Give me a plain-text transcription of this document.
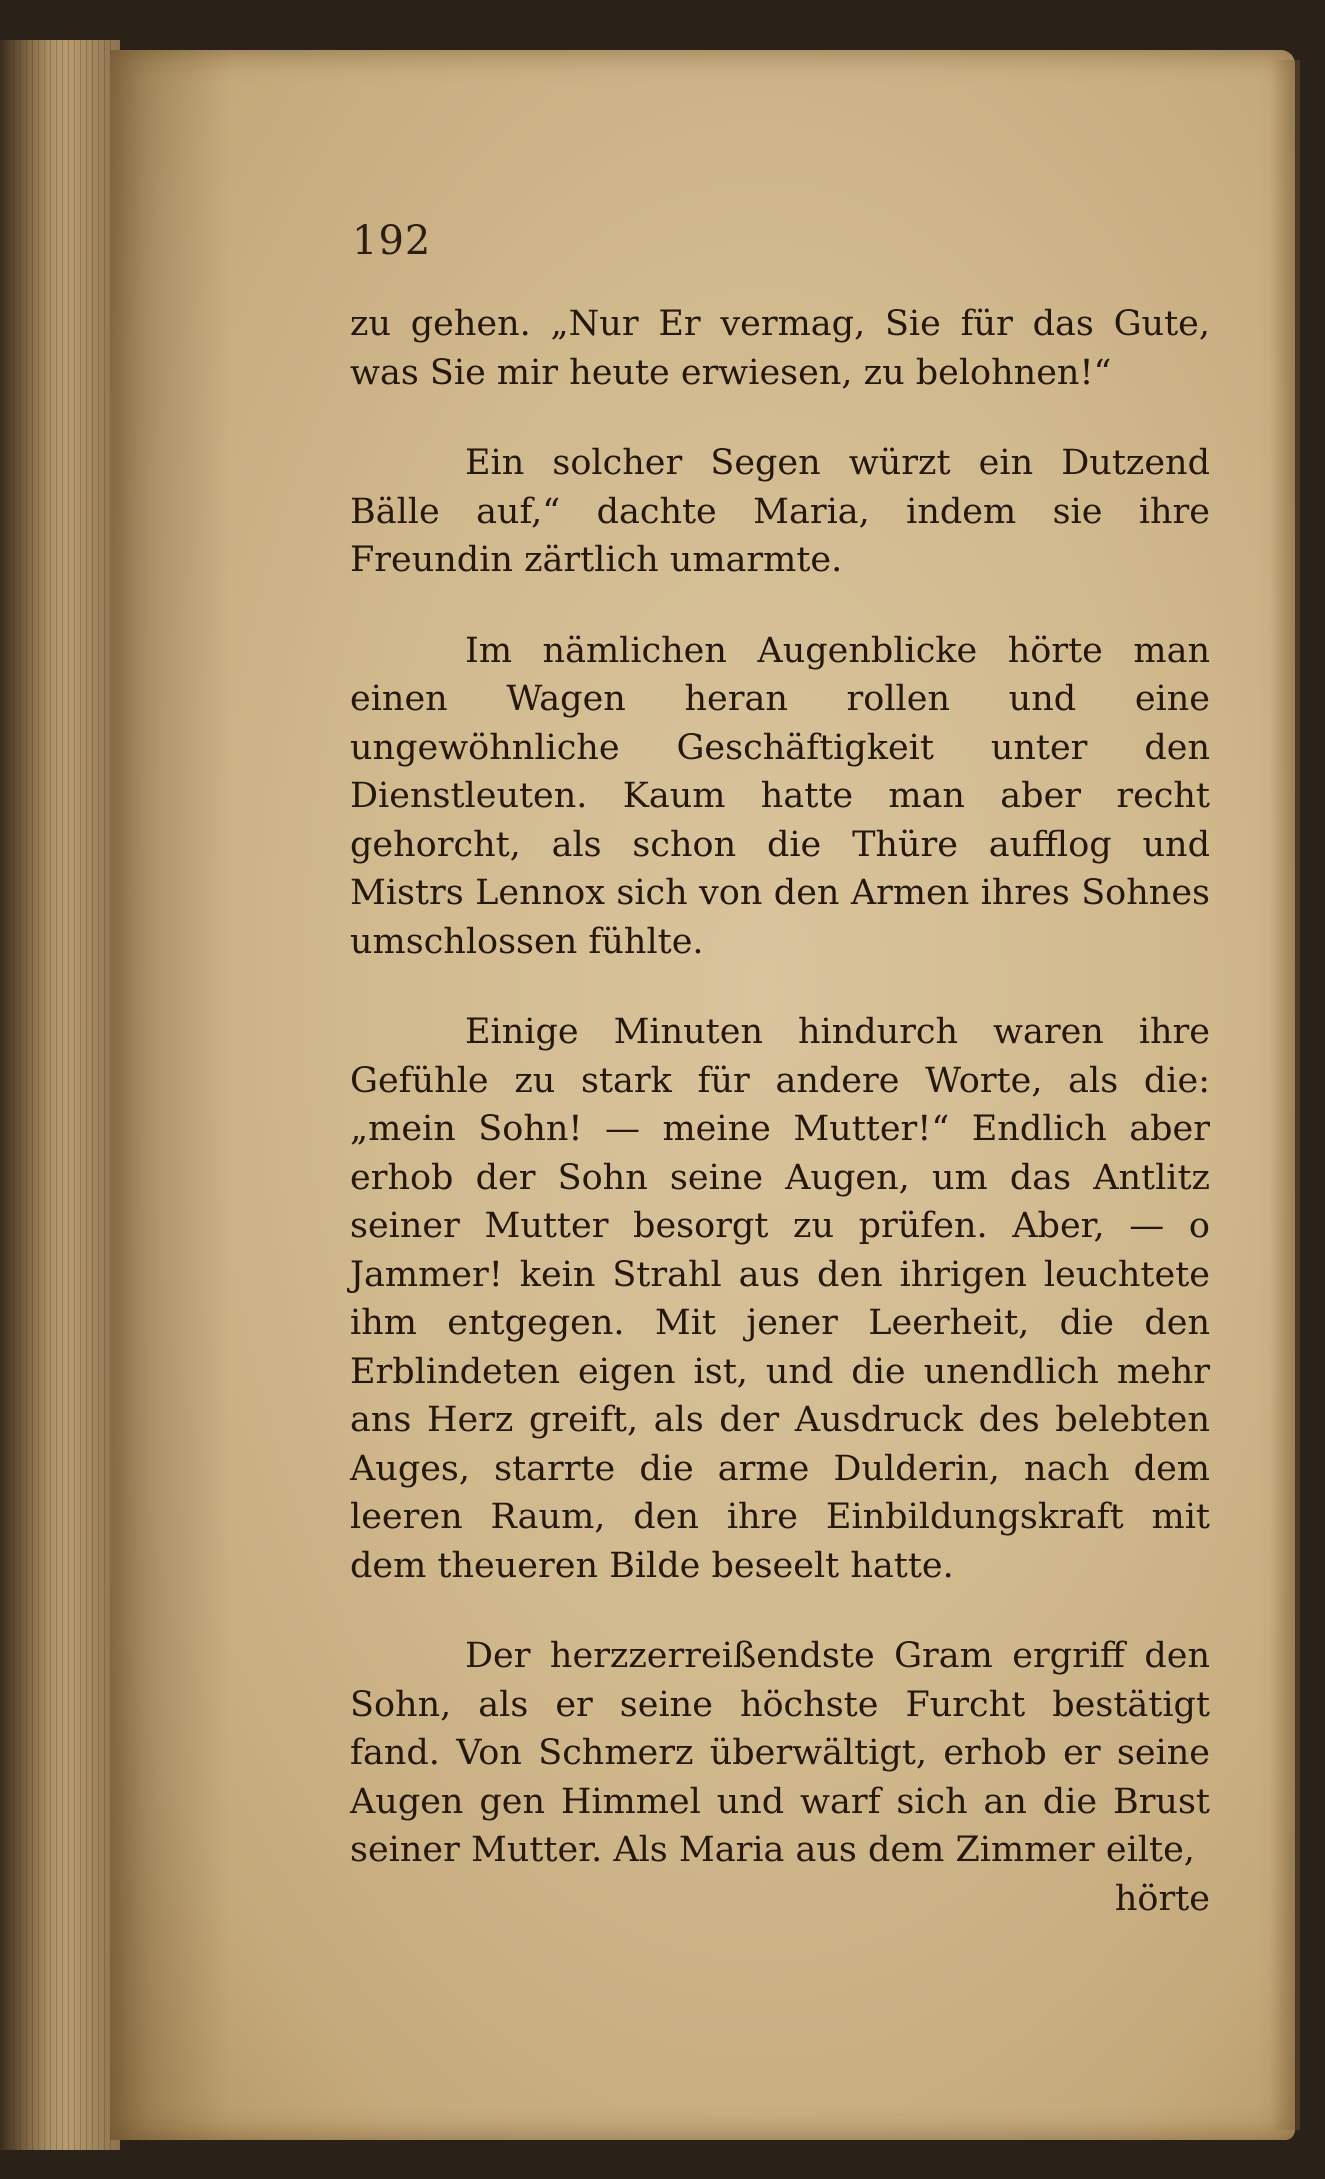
192

zu gehen. „Nur Er vermag, Sie für das Gute, was Sie mir heute erwiesen, zu belohnen!“

Ein solcher Segen würzt ein Dutzend Bälle auf,“ dachte Maria, indem sie ihre Freundin zärtlich umarmte.

Im nämlichen Augenblicke hörte man einen Wagen heran rollen und eine ungewöhnliche Geschäftigkeit unter den Dienstleuten. Kaum hatte man aber recht gehorcht, als schon die Thüre aufflog und Mistrs Lennox sich von den Armen ihres Sohnes umschlossen fühlte.

Einige Minuten hindurch waren ihre Gefühle zu stark für andere Worte, als die: „mein Sohn! — meine Mutter!“ Endlich aber erhob der Sohn seine Augen, um das Antlitz seiner Mutter besorgt zu prüfen. Aber, — o Jammer! kein Strahl aus den ihrigen leuchtete ihm entgegen. Mit jener Leerheit, die den Erblindeten eigen ist, und die unendlich mehr ans Herz greift, als der Ausdruck des belebten Auges, starrte die arme Dulderin, nach dem leeren Raum, den ihre Einbildungskraft mit dem theueren Bilde beseelt hatte.

Der herzzerreißendste Gram ergriff den Sohn, als er seine höchste Furcht bestätigt fand. Von Schmerz überwältigt, erhob er seine Augen gen Himmel und warf sich an die Brust seiner Mutter. Als Maria aus dem Zimmer eilte,

hörte
